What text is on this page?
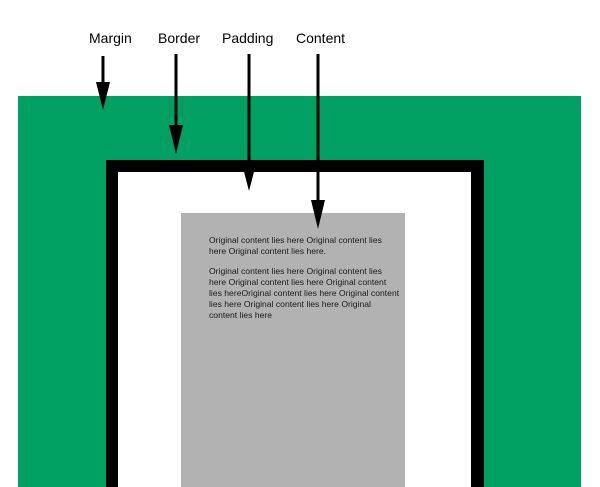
Original content lies here Original content lies here Original content lies here.
Original content lies here Original content lies here Original content lies here Original content lies hereOriginal content lies here Original content lies here Original content lies here Original content lies here
Margin Border Padding Content
